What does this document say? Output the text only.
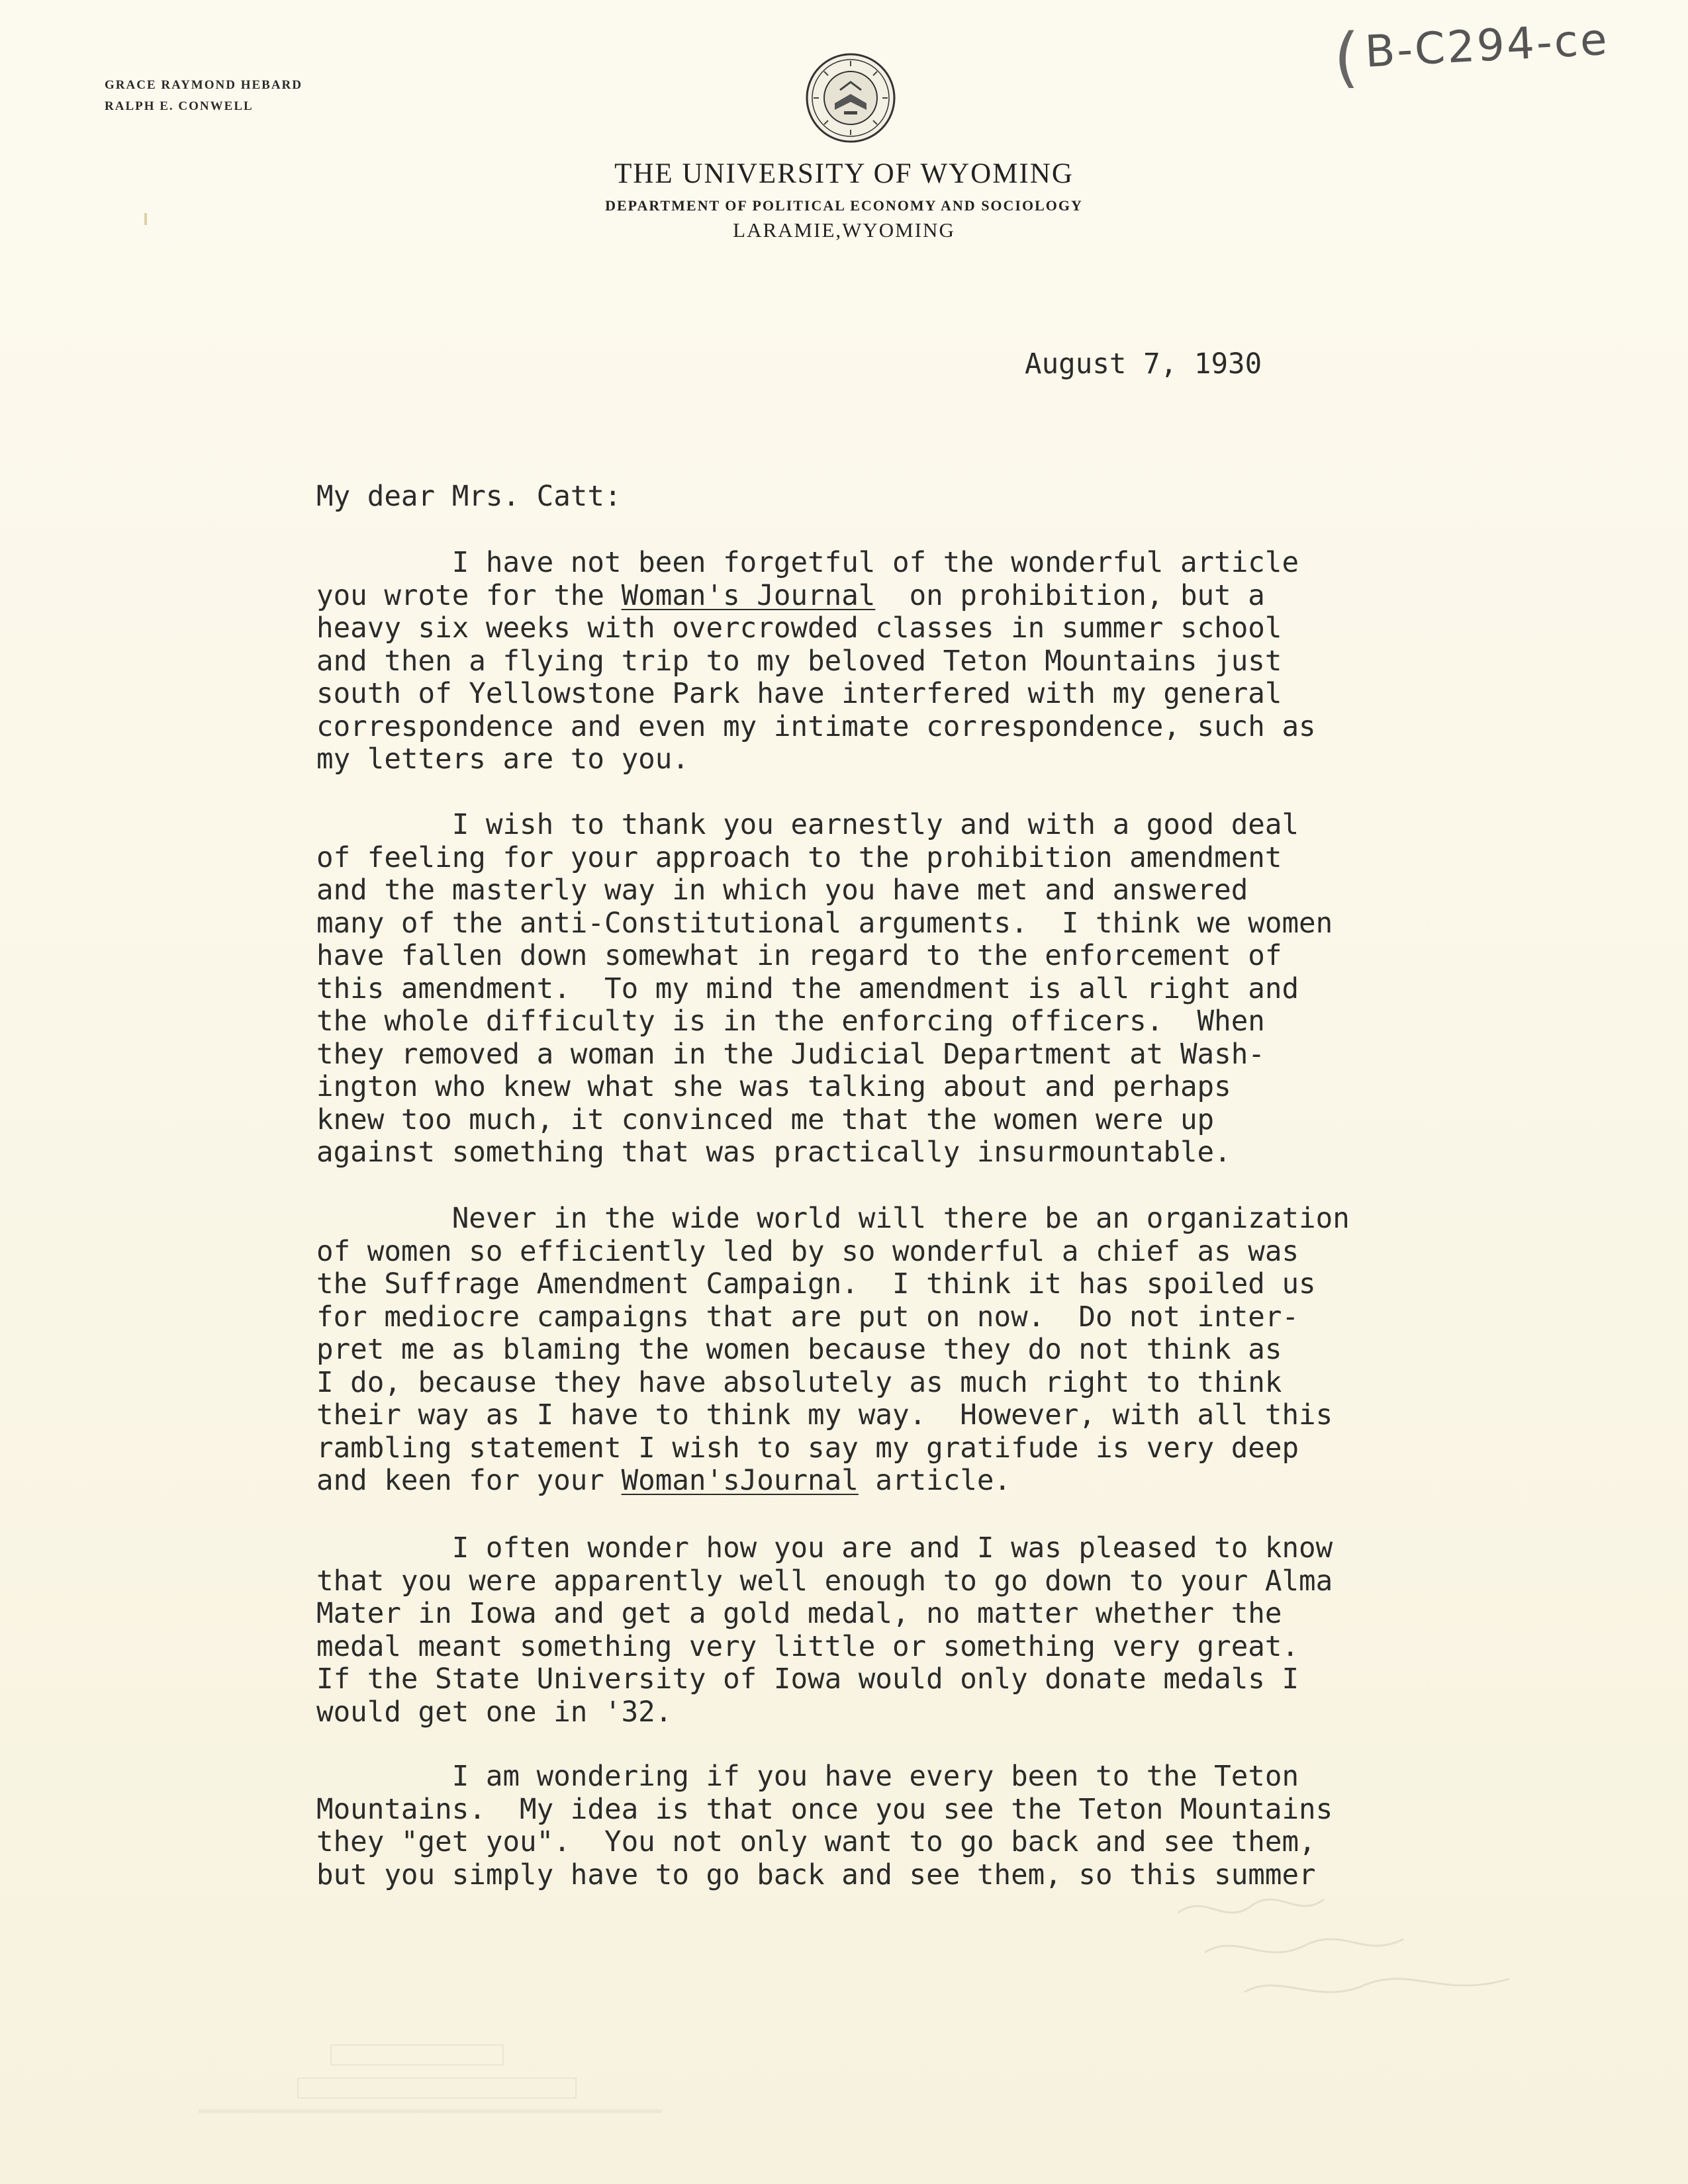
GRACE RAYMOND HEBARD
RALPH E. CONWELL
THE UNIVERSITY OF WYOMING
DEPARTMENT OF POLITICAL ECONOMY AND SOCIOLOGY
LARAMIE,WYOMING
( B-C294-ce
August 7, 1930
My dear Mrs. Catt:
I have not been forgetful of the wonderful article
you wrote for the Woman's Journal  on prohibition, but a
heavy six weeks with overcrowded classes in summer school
and then a flying trip to my beloved Teton Mountains just
south of Yellowstone Park have interfered with my general
correspondence and even my intimate correspondence, such as
my letters are to you.
I wish to thank you earnestly and with a good deal
of feeling for your approach to the prohibition amendment
and the masterly way in which you have met and answered
many of the anti-Constitutional arguments.  I think we women
have fallen down somewhat in regard to the enforcement of
this amendment.  To my mind the amendment is all right and
the whole difficulty is in the enforcing officers.  When
they removed a woman in the Judicial Department at Wash-
ington who knew what she was talking about and perhaps
knew too much, it convinced me that the women were up
against something that was practically insurmountable.
Never in the wide world will there be an organization
of women so efficiently led by so wonderful a chief as was
the Suffrage Amendment Campaign.  I think it has spoiled us
for mediocre campaigns that are put on now.  Do not inter-
pret me as blaming the women because they do not think as
I do, because they have absolutely as much right to think
their way as I have to think my way.  However, with all this
rambling statement I wish to say my gratifude is very deep
and keen for your Woman'sJournal article.
I often wonder how you are and I was pleased to know
that you were apparently well enough to go down to your Alma
Mater in Iowa and get a gold medal, no matter whether the
medal meant something very little or something very great.
If the State University of Iowa would only donate medals I
would get one in '32.
I am wondering if you have every been to the Teton
Mountains.  My idea is that once you see the Teton Mountains
they "get you".  You not only want to go back and see them,
but you simply have to go back and see them, so this summer
